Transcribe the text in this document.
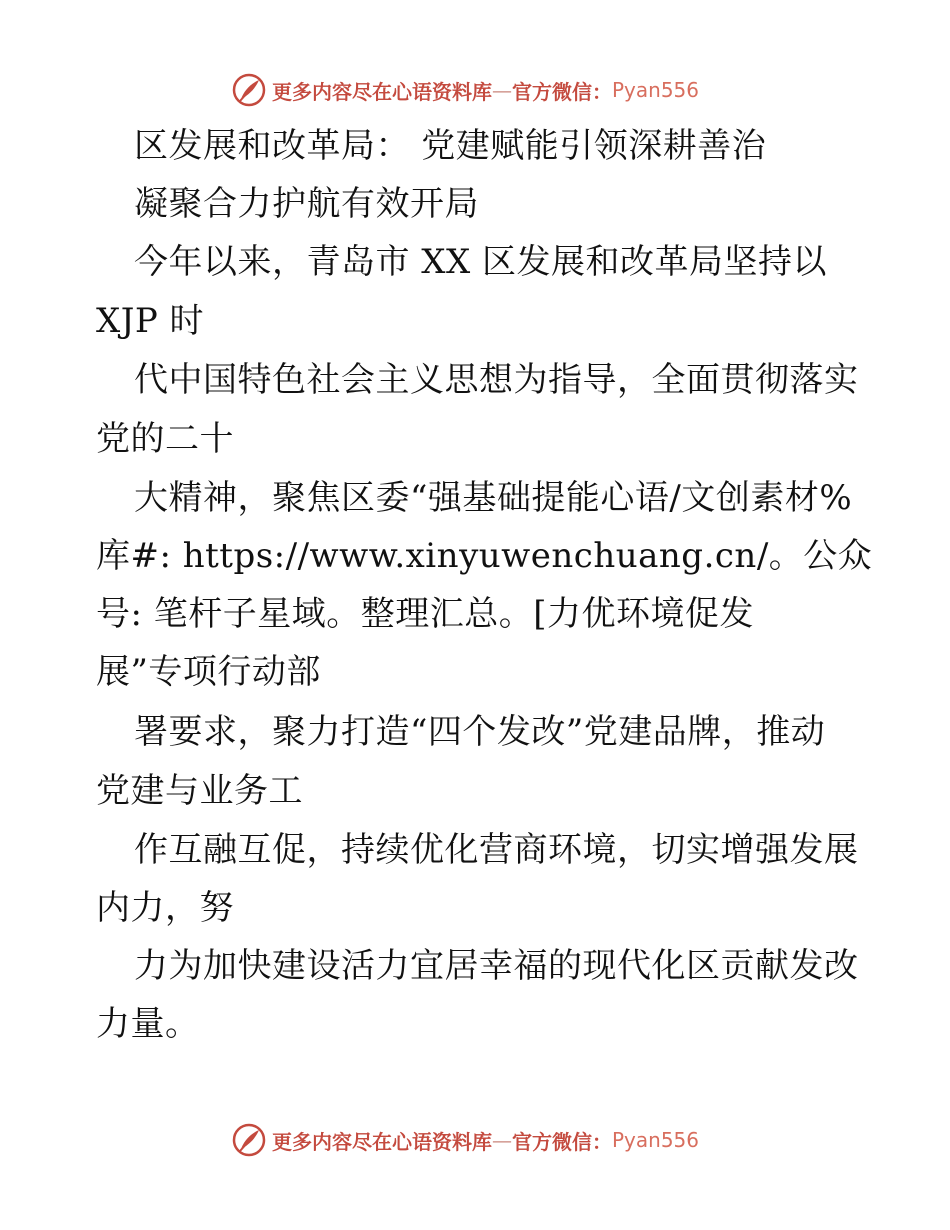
更多内容尽在心语资料库 — 官方微信： Pyan556
区发展和改革局： 党建赋能引领深耕善治
凝聚合力护航有效开局
今年以来，青岛市 XX 区发展和改革局坚持以
XJP 时
代中国特色社会主义思想为指导，全面贯彻落实
党的二十
大精神，聚焦区委“强基础提能心语/文创素材%
库#: https://www.xinyuwenchuang.cn/。公众
号: 笔杆子星域。整理汇总。[力优环境促发
展”专项行动部
署要求，聚力打造“四个发改”党建品牌，推动
党建与业务工
作互融互促，持续优化营商环境，切实增强发展
内力，努
力为加快建设活力宜居幸福的现代化区贡献发改
力量。
更多内容尽在心语资料库 — 官方微信： Pyan556
